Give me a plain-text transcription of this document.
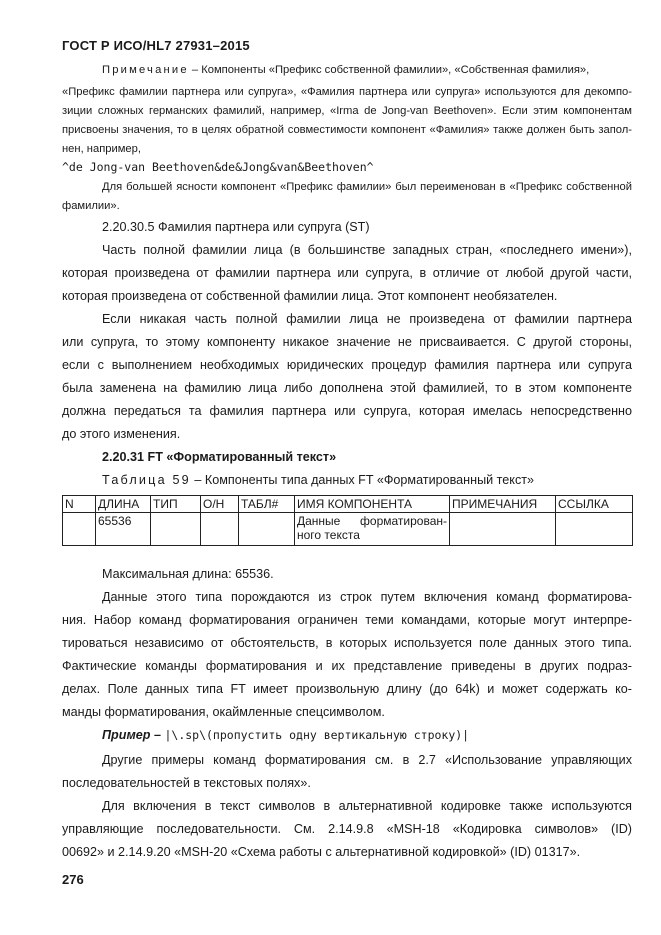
ГОСТ Р ИСО/HL7 27931–2015
Примечание – Компоненты «Префикс собственной фамилии», «Собственная фамилия»,
«Префикс фамилии партнера или супруга», «Фамилия партнера или супруга» используются для декомпо-
зиции сложных германских фамилий, например, «Irma de Jong-van Beethoven». Если этим компонентам
присвоены значения, то в целях обратной совместимости компонент «Фамилия» также должен быть запол-
нен, например,
^de Jong-van Beethoven&de&Jong&van&Beethoven^
Для большей ясности компонент «Префикс фамилии» был переименован в «Префикс собственной
фамилии».
2.20.30.5 Фамилия партнера или супруга (ST)
Часть полной фамилии лица (в большинстве западных стран, «последнего имени»),
которая произведена от фамилии партнера или супруга, в отличие от любой другой части,
которая произведена от собственной фамилии лица. Этот компонент необязателен.
Если никакая часть полной фамилии лица не произведена от фамилии партнера
или супруга, то этому компоненту никакое значение не присваивается. С другой стороны,
если с выполнением необходимых юридических процедур фамилия партнера или супруга
была заменена на фамилию лица либо дополнена этой фамилией, то в этом компоненте
должна передаться та фамилия партнера или супруга, которая имелась непосредственно
до этого изменения.
2.20.31 FT «Форматированный текст»
Таблица 59 – Компоненты типа данных FT «Форматированный текст»
N	ДЛИНА	ТИП	О/Н	ТАБЛ#	ИМЯ КОМПОНЕНТА	ПРИМЕЧАНИЯ	ССЫЛКА
	65536				Данные форматирован-
ного текста		

Максимальная длина: 65536.
Данные этого типа порождаются из строк путем включения команд форматирова-
ния. Набор команд форматирования ограничен теми командами, которые могут интерпре-
тироваться независимо от обстоятельств, в которых используется поле данных этого типа.
Фактические команды форматирования и их представление приведены в других подраз-
делах. Поле данных типа FT имеет произвольную длину (до 64k) и может содержать ко-
манды форматирования, окаймленные спецсимволом.
Пример – |\.sp\(пропустить одну вертикальную строку)|
Другие примеры команд форматирования см. в 2.7 «Использование управляющих
последовательностей в текстовых полях».
Для включения в текст символов в альтернативной кодировке также используются
управляющие последовательности. См. 2.14.9.8 «MSH-18 «Кодировка символов» (ID)
00692» и 2.14.9.20 «MSH-20 «Схема работы с альтернативной кодировкой» (ID) 01317».
276
